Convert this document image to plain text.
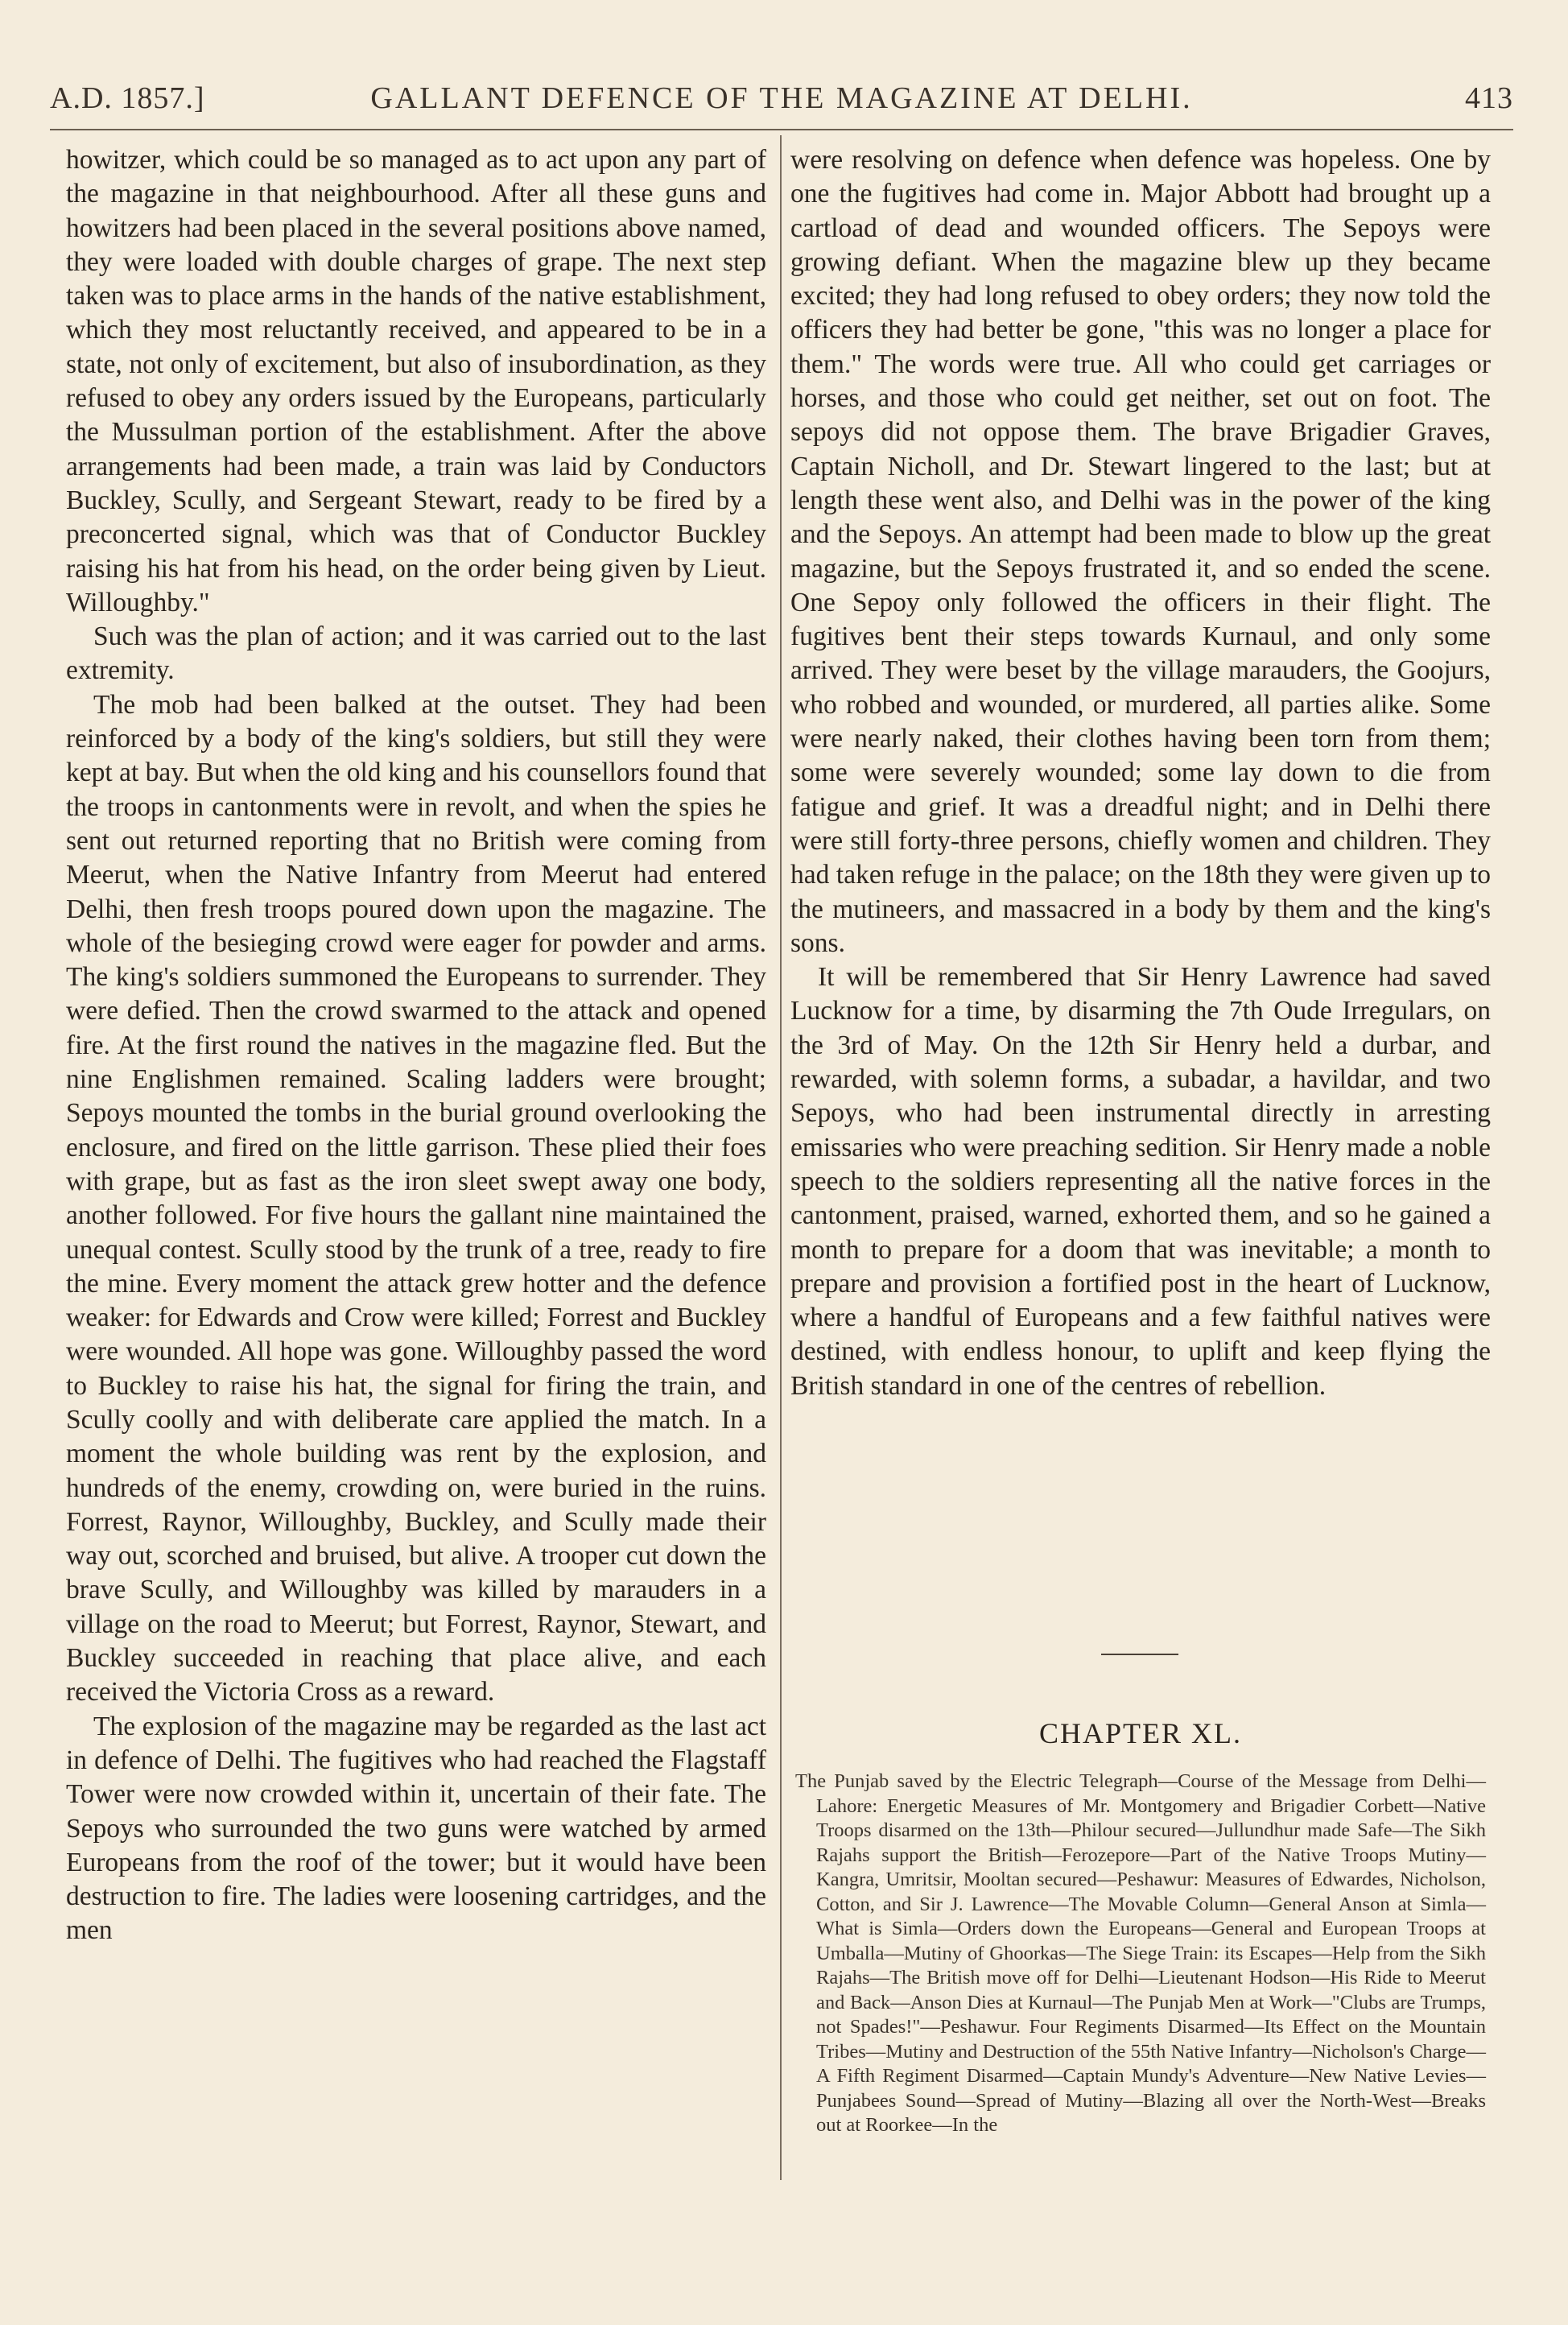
A.D. 1857.]	GALLANT DEFENCE OF THE MAGAZINE AT DELHI.	413

howitzer, which could be so managed as to act upon any part of the magazine in that neighbourhood. After all these guns and howitzers had been placed in the several positions above named, they were loaded with double charges of grape. The next step taken was to place arms in the hands of the native establishment, which they most reluctantly received, and appeared to be in a state, not only of excitement, but also of insubordination, as they refused to obey any orders issued by the Europeans, particularly the Mussulman portion of the establishment. After the above arrangements had been made, a train was laid by Conductors Buckley, Scully, and Sergeant Stewart, ready to be fired by a preconcerted signal, which was that of Conductor Buckley raising his hat from his head, on the order being given by Lieut. Willoughby."

Such was the plan of action; and it was carried out to the last extremity.

The mob had been balked at the outset. They had been reinforced by a body of the king's soldiers, but still they were kept at bay. But when the old king and his counsellors found that the troops in cantonments were in revolt, and when the spies he sent out returned reporting that no British were coming from Meerut, when the Native Infantry from Meerut had entered Delhi, then fresh troops poured down upon the magazine. The whole of the besieging crowd were eager for powder and arms. The king's soldiers summoned the Europeans to surrender. They were defied. Then the crowd swarmed to the attack and opened fire. At the first round the natives in the magazine fled. But the nine Englishmen remained. Scaling ladders were brought; Sepoys mounted the tombs in the burial ground overlooking the enclosure, and fired on the little garrison. These plied their foes with grape, but as fast as the iron sleet swept away one body, another followed. For five hours the gallant nine maintained the unequal contest. Scully stood by the trunk of a tree, ready to fire the mine. Every moment the attack grew hotter and the defence weaker: for Edwards and Crow were killed; Forrest and Buckley were wounded. All hope was gone. Willoughby passed the word to Buckley to raise his hat, the signal for firing the train, and Scully coolly and with deliberate care applied the match. In a moment the whole building was rent by the explosion, and hundreds of the enemy, crowding on, were buried in the ruins. Forrest, Raynor, Willoughby, Buckley, and Scully made their way out, scorched and bruised, but alive. A trooper cut down the brave Scully, and Willoughby was killed by marauders in a village on the road to Meerut; but Forrest, Raynor, Stewart, and Buckley succeeded in reaching that place alive, and each received the Victoria Cross as a reward.

The explosion of the magazine may be regarded as the last act in defence of Delhi. The fugitives who had reached the Flagstaff Tower were now crowded within it, uncertain of their fate. The Sepoys who surrounded the two guns were watched by armed Europeans from the roof of the tower; but it would have been destruction to fire. The ladies were loosening cartridges, and the men

were resolving on defence when defence was hopeless. One by one the fugitives had come in. Major Abbott had brought up a cartload of dead and wounded officers. The Sepoys were growing defiant. When the magazine blew up they became excited; they had long refused to obey orders; they now told the officers they had better be gone, "this was no longer a place for them." The words were true. All who could get carriages or horses, and those who could get neither, set out on foot. The sepoys did not oppose them. The brave Brigadier Graves, Captain Nicholl, and Dr. Stewart lingered to the last; but at length these went also, and Delhi was in the power of the king and the Sepoys. An attempt had been made to blow up the great magazine, but the Sepoys frustrated it, and so ended the scene. One Sepoy only followed the officers in their flight. The fugitives bent their steps towards Kurnaul, and only some arrived. They were beset by the village marauders, the Goojurs, who robbed and wounded, or murdered, all parties alike. Some were nearly naked, their clothes having been torn from them; some were severely wounded; some lay down to die from fatigue and grief. It was a dreadful night; and in Delhi there were still forty-three persons, chiefly women and children. They had taken refuge in the palace; on the 18th they were given up to the mutineers, and massacred in a body by them and the king's sons.

It will be remembered that Sir Henry Lawrence had saved Lucknow for a time, by disarming the 7th Oude Irregulars, on the 3rd of May. On the 12th Sir Henry held a durbar, and rewarded, with solemn forms, a subadar, a havildar, and two Sepoys, who had been instrumental directly in arresting emissaries who were preaching sedition. Sir Henry made a noble speech to the soldiers representing all the native forces in the cantonment, praised, warned, exhorted them, and so he gained a month to prepare for a doom that was inevitable; a month to prepare and provision a fortified post in the heart of Lucknow, where a handful of Europeans and a few faithful natives were destined, with endless honour, to uplift and keep flying the British standard in one of the centres of rebellion.

CHAPTER XL.
The Punjab saved by the Electric Telegraph—Course of the Message from Delhi—Lahore: Energetic Measures of Mr. Montgomery and Brigadier Corbett—Native Troops disarmed on the 13th—Philour secured—Jullundhur made Safe—The Sikh Rajahs support the British—Ferozepore—Part of the Native Troops Mutiny—Kangra, Umritsir, Mooltan secured—Peshawur: Measures of Edwardes, Nicholson, Cotton, and Sir J. Lawrence—The Movable Column—General Anson at Simla—What is Simla—Orders down the Europeans—General and European Troops at Umballa—Mutiny of Ghoorkas—The Siege Train: its Escapes—Help from the Sikh Rajahs—The British move off for Delhi—Lieutenant Hodson—His Ride to Meerut and Back—Anson Dies at Kurnaul—The Punjab Men at Work—"Clubs are Trumps, not Spades!"—Peshawur. Four Regiments Disarmed—Its Effect on the Mountain Tribes—Mutiny and Destruction of the 55th Native Infantry—Nicholson's Charge—A Fifth Regiment Disarmed—Captain Mundy's Adventure—New Native Levies—Punjabees Sound—Spread of Mutiny—Blazing all over the North-West—Breaks out at Roorkee—In the
